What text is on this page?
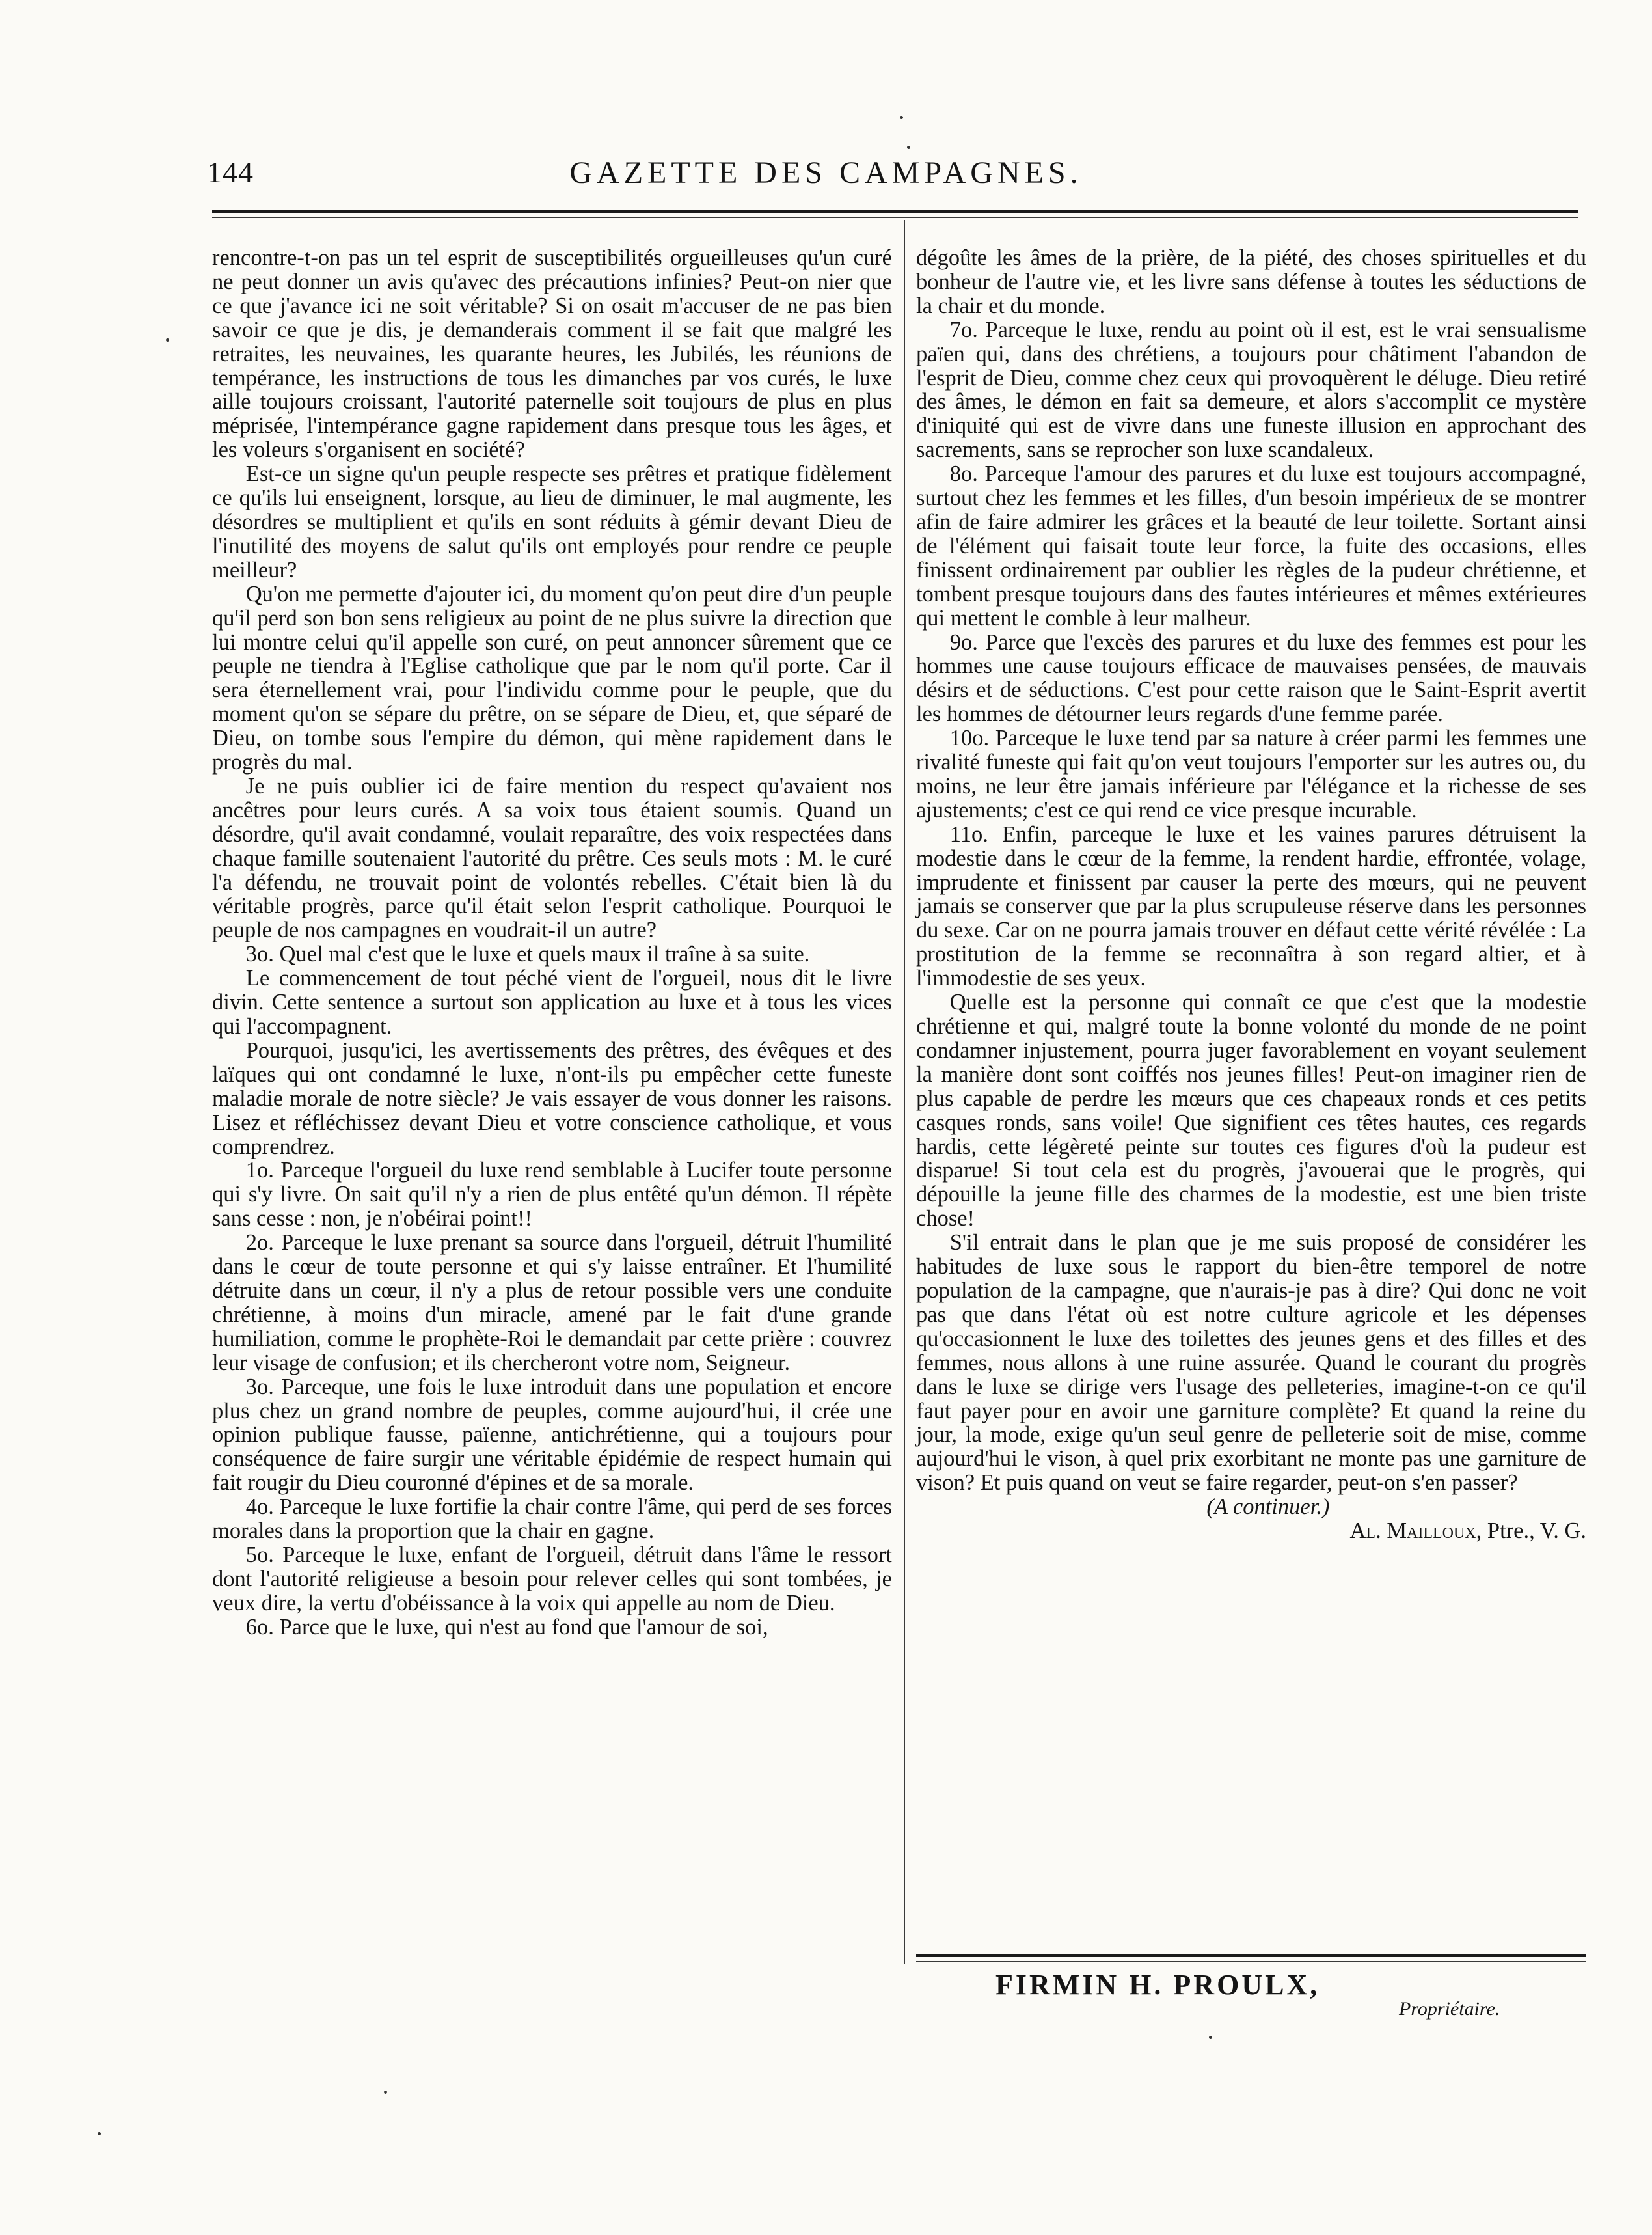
144	GAZETTE DES CAMPAGNES.

rencontre-t-on pas un tel esprit de susceptibilités orgueilleuses qu'un curé ne peut donner un avis qu'avec des précautions infinies? Peut-on nier que ce que j'avance ici ne soit véritable? Si on osait m'accuser de ne pas bien savoir ce que je dis, je demanderais comment il se fait que malgré les retraites, les neuvaines, les quarante heures, les Jubilés, les réunions de tempérance, les instructions de tous les dimanches par vos curés, le luxe aille toujours croissant, l'autorité paternelle soit toujours de plus en plus méprisée, l'intempérance gagne rapidement dans presque tous les âges, et les voleurs s'organisent en société?

Est-ce un signe qu'un peuple respecte ses prêtres et pratique fidèlement ce qu'ils lui enseignent, lorsque, au lieu de diminuer, le mal augmente, les désordres se multiplient et qu'ils en sont réduits à gémir devant Dieu de l'inutilité des moyens de salut qu'ils ont employés pour rendre ce peuple meilleur?

Qu'on me permette d'ajouter ici, du moment qu'on peut dire d'un peuple qu'il perd son bon sens religieux au point de ne plus suivre la direction que lui montre celui qu'il appelle son curé, on peut annoncer sûrement que ce peuple ne tiendra à l'Eglise catholique que par le nom qu'il porte. Car il sera éternellement vrai, pour l'individu comme pour le peuple, que du moment qu'on se sépare du prêtre, on se sépare de Dieu, et, que séparé de Dieu, on tombe sous l'empire du démon, qui mène rapidement dans le progrès du mal.

Je ne puis oublier ici de faire mention du respect qu'avaient nos ancêtres pour leurs curés. A sa voix tous étaient soumis. Quand un désordre, qu'il avait condamné, voulait reparaître, des voix respectées dans chaque famille soutenaient l'autorité du prêtre. Ces seuls mots : M. le curé l'a défendu, ne trouvait point de volontés rebelles. C'était bien là du véritable progrès, parce qu'il était selon l'esprit catholique. Pourquoi le peuple de nos campagnes en voudrait-il un autre?

3o. Quel mal c'est que le luxe et quels maux il traîne à sa suite.

Le commencement de tout péché vient de l'orgueil, nous dit le livre divin. Cette sentence a surtout son application au luxe et à tous les vices qui l'accompagnent.

Pourquoi, jusqu'ici, les avertissements des prêtres, des évêques et des laïques qui ont condamné le luxe, n'ont-ils pu empêcher cette funeste maladie morale de notre siècle? Je vais essayer de vous donner les raisons. Lisez et réfléchissez devant Dieu et votre conscience catholique, et vous comprendrez.

1o. Parceque l'orgueil du luxe rend semblable à Lucifer toute personne qui s'y livre. On sait qu'il n'y a rien de plus entêté qu'un démon. Il répète sans cesse : non, je n'obéirai point!!

2o. Parceque le luxe prenant sa source dans l'orgueil, détruit l'humilité dans le cœur de toute personne et qui s'y laisse entraîner. Et l'humilité détruite dans un cœur, il n'y a plus de retour possible vers une conduite chrétienne, à moins d'un miracle, amené par le fait d'une grande humiliation, comme le prophète-Roi le demandait par cette prière : couvrez leur visage de confusion; et ils chercheront votre nom, Seigneur.

3o. Parceque, une fois le luxe introduit dans une population et encore plus chez un grand nombre de peuples, comme aujourd'hui, il crée une opinion publique fausse, païenne, antichrétienne, qui a toujours pour conséquence de faire surgir une véritable épidémie de respect humain qui fait rougir du Dieu couronné d'épines et de sa morale.

4o. Parceque le luxe fortifie la chair contre l'âme, qui perd de ses forces morales dans la proportion que la chair en gagne.

5o. Parceque le luxe, enfant de l'orgueil, détruit dans l'âme le ressort dont l'autorité religieuse a besoin pour relever celles qui sont tombées, je veux dire, la vertu d'obéissance à la voix qui appelle au nom de Dieu.

6o. Parce que le luxe, qui n'est au fond que l'amour de soi,

dégoûte les âmes de la prière, de la piété, des choses spirituelles et du bonheur de l'autre vie, et les livre sans défense à toutes les séductions de la chair et du monde.

7o. Parceque le luxe, rendu au point où il est, est le vrai sensualisme païen qui, dans des chrétiens, a toujours pour châtiment l'abandon de l'esprit de Dieu, comme chez ceux qui provoquèrent le déluge. Dieu retiré des âmes, le démon en fait sa demeure, et alors s'accomplit ce mystère d'iniquité qui est de vivre dans une funeste illusion en approchant des sacrements, sans se reprocher son luxe scandaleux.

8o. Parceque l'amour des parures et du luxe est toujours accompagné, surtout chez les femmes et les filles, d'un besoin impérieux de se montrer afin de faire admirer les grâces et la beauté de leur toilette. Sortant ainsi de l'élément qui faisait toute leur force, la fuite des occasions, elles finissent ordinairement par oublier les règles de la pudeur chrétienne, et tombent presque toujours dans des fautes intérieures et mêmes extérieures qui mettent le comble à leur malheur.

9o. Parce que l'excès des parures et du luxe des femmes est pour les hommes une cause toujours efficace de mauvaises pensées, de mauvais désirs et de séductions. C'est pour cette raison que le Saint-Esprit avertit les hommes de détourner leurs regards d'une femme parée.

10o. Parceque le luxe tend par sa nature à créer parmi les femmes une rivalité funeste qui fait qu'on veut toujours l'emporter sur les autres ou, du moins, ne leur être jamais inférieure par l'élégance et la richesse de ses ajustements; c'est ce qui rend ce vice presque incurable.

11o. Enfin, parceque le luxe et les vaines parures détruisent la modestie dans le cœur de la femme, la rendent hardie, effrontée, volage, imprudente et finissent par causer la perte des mœurs, qui ne peuvent jamais se conserver que par la plus scrupuleuse réserve dans les personnes du sexe. Car on ne pourra jamais trouver en défaut cette vérité révélée : La prostitution de la femme se reconnaîtra à son regard altier, et à l'immodestie de ses yeux.

Quelle est la personne qui connaît ce que c'est que la modestie chrétienne et qui, malgré toute la bonne volonté du monde de ne point condamner injustement, pourra juger favorablement en voyant seulement la manière dont sont coiffés nos jeunes filles! Peut-on imaginer rien de plus capable de perdre les mœurs que ces chapeaux ronds et ces petits casques ronds, sans voile! Que signifient ces têtes hautes, ces regards hardis, cette légèreté peinte sur toutes ces figures d'où la pudeur est disparue! Si tout cela est du progrès, j'avouerai que le progrès, qui dépouille la jeune fille des charmes de la modestie, est une bien triste chose!

S'il entrait dans le plan que je me suis proposé de considérer les habitudes de luxe sous le rapport du bien-être temporel de notre population de la campagne, que n'aurais-je pas à dire? Qui donc ne voit pas que dans l'état où est notre culture agricole et les dépenses qu'occasionnent le luxe des toilettes des jeunes gens et des filles et des femmes, nous allons à une ruine assurée. Quand le courant du progrès dans le luxe se dirige vers l'usage des pelleteries, imagine-t-on ce qu'il faut payer pour en avoir une garniture complète? Et quand la reine du jour, la mode, exige qu'un seul genre de pelleterie soit de mise, comme aujourd'hui le vison, à quel prix exorbitant ne monte pas une garniture de vison? Et puis quand on veut se faire regarder, peut-on s'en passer?

(A continuer.)

Al. Mailloux, Ptre., V. G.

FIRMIN H. PROULX,
Propriétaire.
